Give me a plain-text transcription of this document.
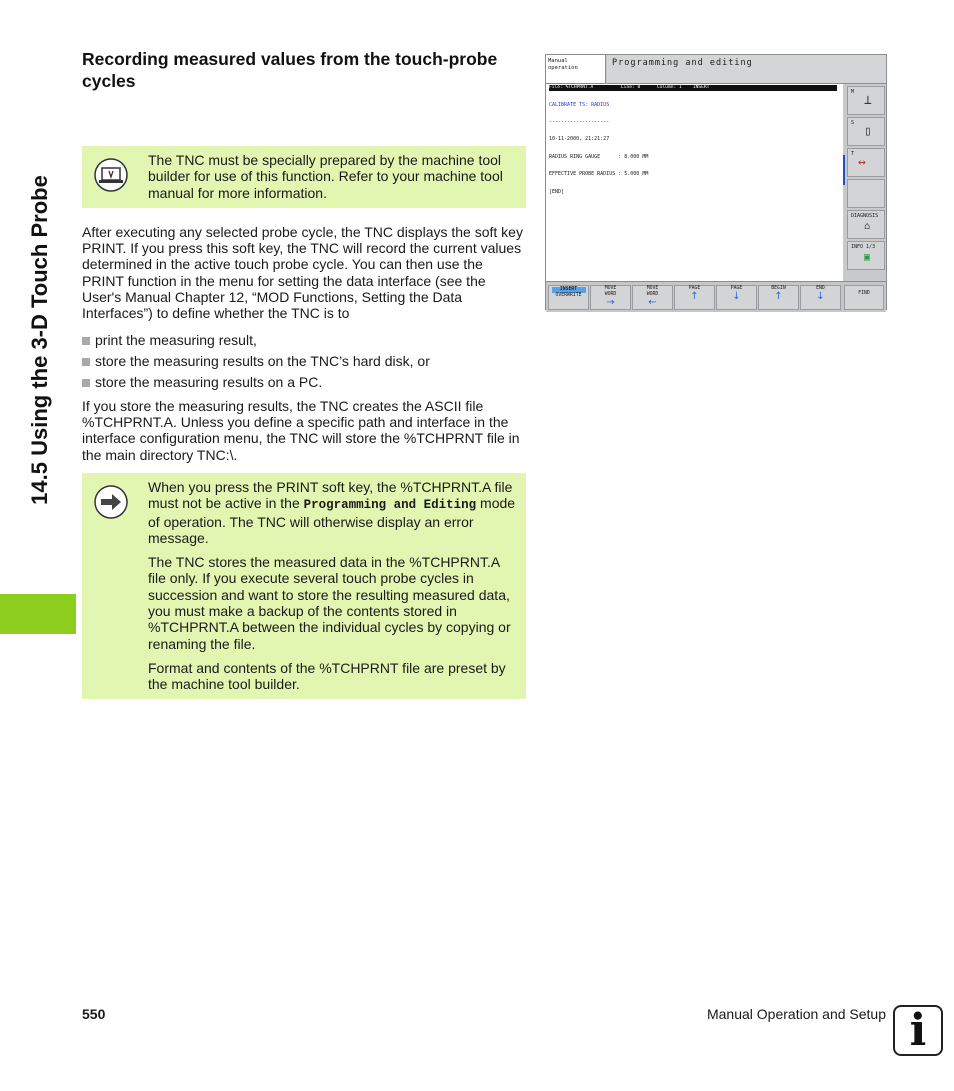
14.5 Using the 3-D Touch Probe
Recording measured values from the touch-probe cycles

The TNC must be specially prepared by the machine tool builder for use of this function. Refer to your machine tool manual for more information.

After executing any selected probe cycle, the TNC displays the soft key PRINT. If you press this soft key, the TNC will record the current values determined in the active touch probe cycle. You can then use the PRINT function in the menu for setting the data interface (see the User's Manual Chapter 12, “MOD Functions, Setting the Data Interfaces”) to define whether the TNC is to

print the measuring result,
store the measuring results on the TNC’s hard disk, or
store the measuring results on a PC.

If you store the measuring results, the TNC creates the ASCII file %TCHPRNT.A. Unless you define a specific path and interface in the interface configuration menu, the TNC will store the %TCHPRNT file in the main directory TNC:\.

When you press the PRINT soft key, the %TCHPRNT.A file must not be active in the Programming and Editing mode of operation. The TNC will otherwise display an error message.

The TNC stores the measured data in the %TCHPRNT.A file only. If you execute several touch probe cycles in succession and want to store the resulting measured data, you must make a backup of the contents stored in %TCHPRNT.A between the individual cycles by copying or renaming the file.

Format and contents of the %TCHPRNT file are preset by the machine tool builder.

Manual
operation	Programming and editing
File: %TCHPRNT.A          Line: 0      Column: 1    INSERT

CALIBRATE TS: RADIUS

--------------------

10-11-2000, 21:21:27

RADIUS RING GAUGE      : 8.000 MM

EFFECTIVE PROBE RADIUS : 5.000 MM

[END]

M
⊥
S
▯
T
↔
DIAGNOSIS
⌂
INFO 1/3
▣
INSERT
OVERWRITE
MOVE
WORD
→
MOVE
WORD
←
PAGE
↑
PAGE
↓
BEGIN
↑
END
↓	FIND
550	Manual Operation and Setup i
